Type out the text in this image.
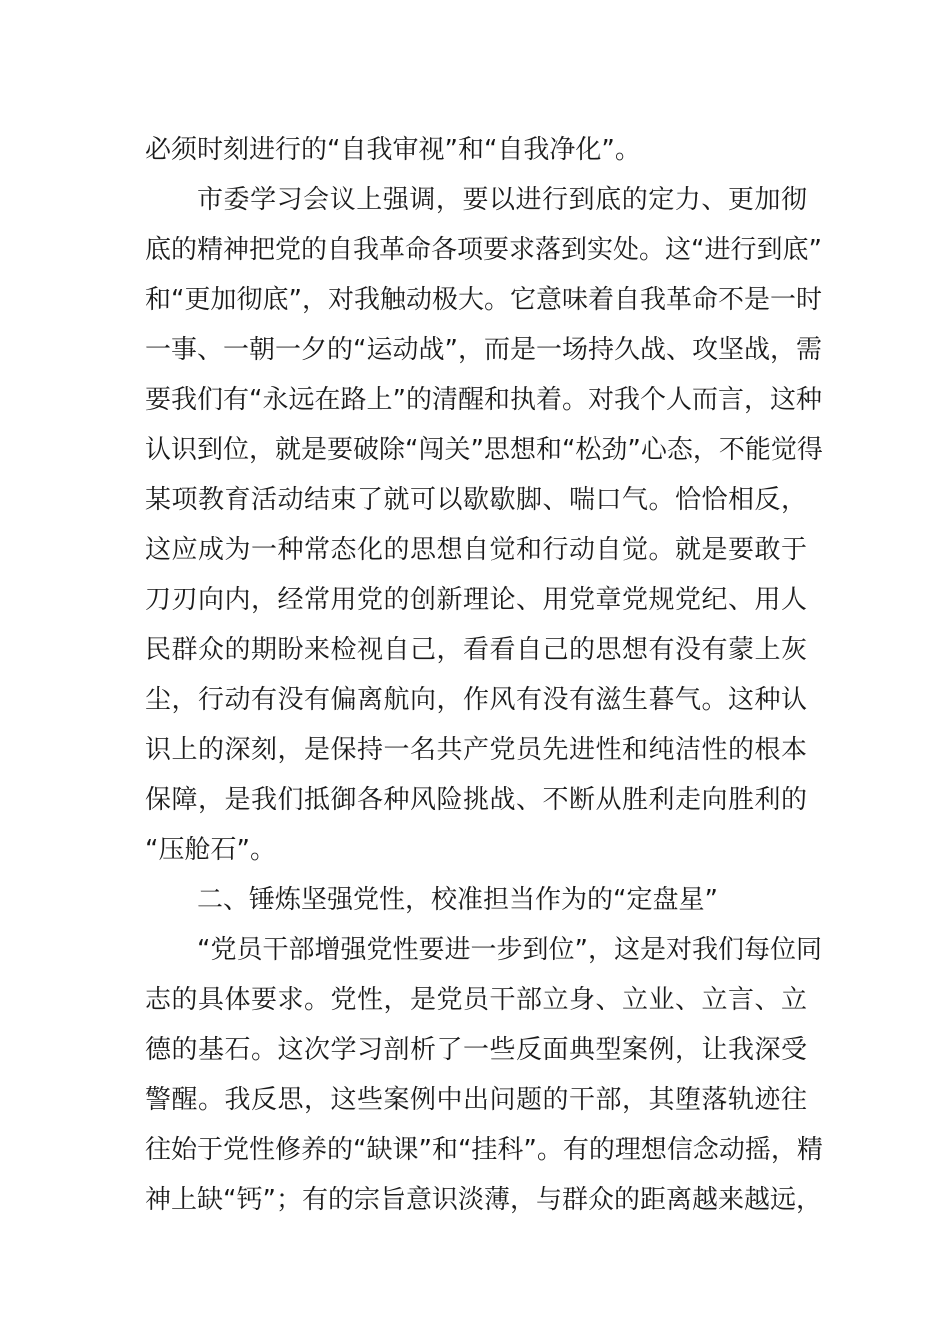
必须时刻进行的“自我审视”和“自我净化”。
市委学习会议上强调，要以进行到底的定力、更加彻
底的精神把党的自我革命各项要求落到实处。这“进行到底”
和“更加彻底”，对我触动极大。它意味着自我革命不是一时
一事、一朝一夕的“运动战”，而是一场持久战、攻坚战，需
要我们有“永远在路上”的清醒和执着。对我个人而言，这种
认识到位，就是要破除“闯关”思想和“松劲”心态，不能觉得
某项教育活动结束了就可以歇歇脚、喘口气。恰恰相反，
这应成为一种常态化的思想自觉和行动自觉。就是要敢于
刀刃向内，经常用党的创新理论、用党章党规党纪、用人
民群众的期盼来检视自己，看看自己的思想有没有蒙上灰
尘，行动有没有偏离航向，作风有没有滋生暮气。这种认
识上的深刻，是保持一名共产党员先进性和纯洁性的根本
保障，是我们抵御各种风险挑战、不断从胜利走向胜利的
“压舱石”。
二、锤炼坚强党性，校准担当作为的“定盘星”
“党员干部增强党性要进一步到位”，这是对我们每位同
志的具体要求。党性，是党员干部立身、立业、立言、立
德的基石。这次学习剖析了一些反面典型案例，让我深受
警醒。我反思，这些案例中出问题的干部，其堕落轨迹往
往始于党性修养的“缺课”和“挂科”。有的理想信念动摇，精
神上缺“钙”；有的宗旨意识淡薄，与群众的距离越来越远，
